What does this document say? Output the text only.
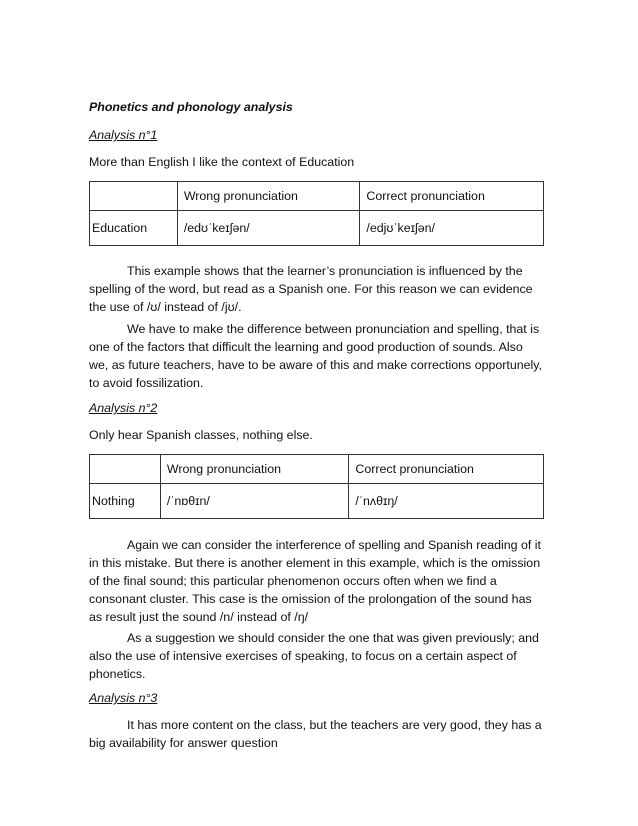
Phonetics and phonology analysis
Analysis n°1
More than English I like the context of Education
	Wrong pronunciation	Correct pronunciation
Education	/edʊˈkeɪʃən/	/edjʊˈkeɪʃən/
This example shows that the learner’s pronunciation is influenced by the
spelling of the word, but read as a Spanish one. For this reason we can evidence
the use of /ʊ/ instead of /jʊ/.
We have to make the difference between pronunciation and spelling, that is
one of the factors that difficult the learning and good production of sounds. Also
we, as future teachers, have to be aware of this and make corrections opportunely,
to avoid fossilization.
Analysis n°2
Only hear Spanish classes, nothing else.
	Wrong pronunciation	Correct pronunciation
Nothing	/ˈnɒθɪn/	/ˈnʌθɪŋ/
Again we can consider the interference of spelling and Spanish reading of it
in this mistake. But there is another element in this example, which is the omission
of the final sound; this particular phenomenon occurs often when we find a
consonant cluster. This case is the omission of the prolongation of the sound has
as result just the sound /n/ instead of /ŋ/
As a suggestion we should consider the one that was given previously; and
also the use of intensive exercises of speaking, to focus on a certain aspect of
phonetics.
Analysis n°3
It has more content on the class, but the teachers are very good, they has a
big availability for answer question
